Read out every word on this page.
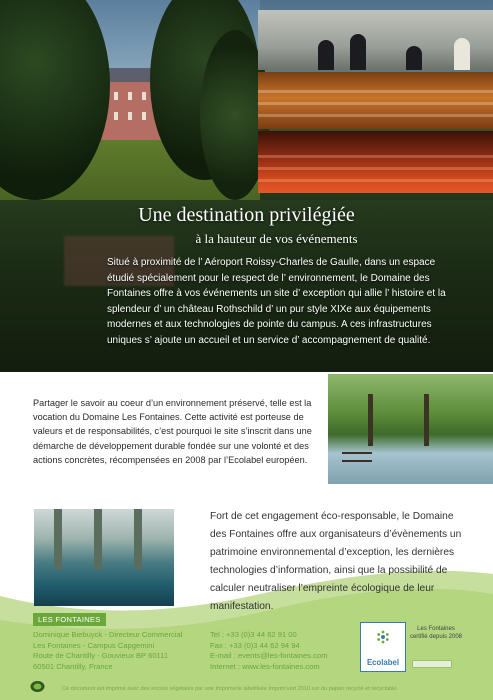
Une destination privilégiée
à la hauteur de vos événements

Situé à proximité de l’ Aéroport Roissy-Charles de Gaulle, dans un espace étudié spécialement pour le respect de l’ environnement, le Domaine des Fontaines offre à vos événements un site d’ exception qui allie l’ histoire et la splendeur d’ un château Rothschild d’ un pur style XIXe aux équipements modernes et aux technologies de pointe du campus. A ces infrastructures uniques s’ ajoute un accueil et un service d’ accompagnement de qualité.

Partager le savoir au coeur d’un environnement préservé, telle est la vocation du Domaine Les Fontaines. Cette activité est porteuse de valeurs et de responsabilités, c’est pourquoi le site s’inscrit dans une démarche de développement durable fondée sur une volonté et des actions concrètes, récompensées en 2008 par l’Ecolabel européen.

Fort de cet engagement éco-responsable, le Domaine des Fontaines offre aux organisateurs d’évènements un patrimoine environnemental d’exception, les dernières technologies d’information, ainsi que la possibilité de calculer neutraliser l’empreinte écologique de leur manifestation.

LES FONTAINES
Dominique Biebuyck - Directeur Commercial
Les Fontaines - Campus Capgemini
Route de Chantilly - Gouvieux BP 60111
60501 Chantilly, France
Tel : +33 (0)3 44 62 91 00
Fax : +33 (0)3 44 62 94 94
E-mail : events@les-fontaines.com
Internet : www.les-fontaines.com	Ecolabel
Les Fontaines certifié depuis 2008
Ce document est imprimé avec des encres végétales par une Imprimerie labellisée Imprim’vert 2010 sur du papier recyclé et recyclable.
